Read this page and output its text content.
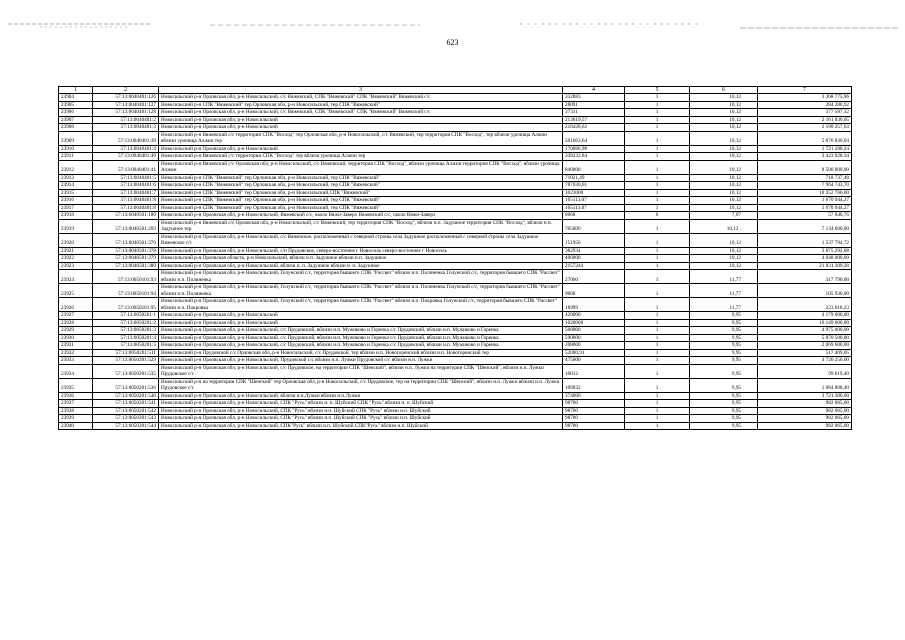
623
1	2	3	4	5	6	7
23904	57:13:0040401:126	Новосильский р-н Орловская обл, р-н Новосильский, с/с Вяжевский, СПК "Вяжевский" СПК "Вяжевский" Вяжевский с/с	332883	1	10,12	3 368 775,96
23905	57:13:0040401:127	Новосильский р-н СПК "Вяжевский" тер Орловская обл, р-н Новосильский, тер СПК "Вяжевский"	28091	1	10,12	284 280,92
23906	57:13:0040401:128	Новосильский р-н Орловская обл, р-н Новосильский, с/с Вяжевский, СПК "Вяжевский" СПК "Вяжевский" Вяжевский с/с	37311	1	10,12	377 587,32
23907	57:13:0040401:2	Новосильский р-н Орловская обл, р-н Новосильский	213619,57	1	10,12	2 161 830,05
23908	57:13:0040401:3	Новосильский р-н Орловская обл, р-н Новосильский	216428,62	1	10,12	2 190 257,63
23909	57:13:0040401:39	Новосильский р-н Вяжевский с/с территории СПК "Восход" тер Орловская обл, р-н Новосильский, с/с Вяжевский, тер территория СПК "Восход", тер вблизи урочища Алжин вблизи урочища Алжин тер	501663,64	1	10,12	5 076 836,04
23910	57:13:0040401:4	Новосильский р-н Орловская обл, р-н Новосильский	170086,98	1	10,12	1 721 280,24
23911	57:13:0040401:40	Новосильский р-н Вяжевский с/с территории СПК "Восход" тер вблизи урочища Алжин тер	338332,84	1	10,12	3 423 928,34
23912	57:13:0040401:41	Новосильский р-н Вяжевский с/с Орловская обл, р-н Новосильский, с/с Вяжевский, территория СПК "Восход", вблизи урочища Алжин территория СПК "Восход", вблизи урочища Алжин	840000	1	10,12	8 500 800,00
23913	57:13:0040401:5	Новосильский р-н СПК "Вяжевский" тер Орловская обл, р-н Новосильский, тер СПК "Вяжевский"	71021,49	1	10,12	718 737,48
23914	57:13:0040401:6	Новосильский р-н СПК "Вяжевский" тер Орловская обл, р-н Новосильский, тер СПК "Вяжевский"	787030,01	1	10,12	7 964 743,70
23915	57:13:0040401:7	Новосильский р-н СПК "Вяжевский" тер Орловская обл, р-н Новосильский,СПК "Вяжевский"	1023000	1	10,12	10 352 760,00
23916	57:13:0040401:8	Новосильский р-н СПК "Вяжевский" тер Орловская обл, р-н Новосильский, тер СПК "Вяжевский"	165113,07	1	10,12	1 670 944,27
23917	57:13:0040401:8	Новосильский р-н СПК "Вяжевский" тер Орловская обл, р-н Новосильский, тер СПК "Вяжевский"	165113,07	1	10,12	1 670 944,27
23918	57:13:0040501:180	Новосильский р-н Орловская обл, р-н Новосильский, Вяжевский с/с, около Вяжи-Заверх Вяжевский с/с, около Вяжи-Заверх	8068	6	7,07	57 040,76
23919	57:13:0040501:293	Новосильский р-н Вяжевский с/с Орловская обл, р-н Новосильский, с/с Вяжевский, тер территория СПК "Восход", вблизи н.п. Задушное территория СПК "Восход", вблизи н.п. Задушное тер	705000	1	10,12 .	7 134 600,00
23920	57:13:0040501:370	Новосильский р-н Орловская обл, р-н Новосильский, с/с Вяжевское, расположенный с северной строны села Задушное расположенный с северной строны села Задушное Вяжевское с/с	151956	1	10,12	1 537 794,72
23921	57:13:0040501:378	Новосильский р-н Орловская обл, р-н Новосильский, с/п Прудовское, северо-восточнее г Новосиль северо-восточнее г Новосиль	382934	1	10,12	3 875 292,08
23922	57:13:0040501:379	Новосильский р-н Орловская область, р-н Новосильский, вблизи н.п. Задушное вблизи н.п. Задушное	400000	1	10,12	4 048 000,00
23923	57:13:0040501:380	Новосильский р-н Орловская обл, р-н Новосильский, вблизи н. п. Задушное вблизи н. п. Задушное	2157244	1	10,12	21 831 309,28
23924	57:13:0050101:93	Новосильский р-н Орловская обл, р-н Новосильский, Голунский с/с, территория бывшего СПК "Рассвет" вблизи н.п. Полиненка Голунский с/с, территория бывшего СПК "Рассвет" вблизи н.п. Полиненка	27000	1	11,77	317 790,00
23925	57:13:0050101:94	Новосильский р-н Орловская обл, р-н Новосильский, Голунский с/с, территория бывшего СПК "Рассвет" вблизи н.п. Полиненка Голунский с/с, территория бывшего СПК "Рассвет" вблизи н.п. Полиненка	9000	1	11,77	105 930,00
23926	57:13:0050101:95	Новосильский р-н Орловская обл, р-н Новосильский, Голунский с/с, территория бывшего СПК "Рассвет" вблизи н.п. Покровка Голунский с/с, территория бывшего СПК "Рассвет" вблизи н.п. Покровка	18999	1	11,77	223 618,23
23927	57:13:0050201:1	Новосильский р-н Орловская обл, р-н Новосильский	420000	1	9,95	4 179 000,00
23928	57:13:0050201:2	Новосильский р-н Орловская обл, р-н Новосильский	1020000	1	9,95	10 149 000,00
23929	57:13:0050201:3	Новосильский р-н Орловская обл, р-н Новосильский, с/с Прудовский, вблизи н.п. Мужиково и Горенка с/с Прудовский, вблизи н.п. Мужиково и Горенка	500000	1	9,95	4 975 000,00
23930	57:13:0050201:4	Новосильский р-н Орловская обл, р-н Новосильский, с/с Прудовский, вблизи н.п. Мужиково и Горенка с/с Прудовский, вблизи н.п. Мужиково и Горенка	590000	1	9,95	5 870 500,00
23931	57:13:0050201:5	Новосильский р-н Орловская обл, р-н Новосильский, с/с Прудовский, вблизи н.п. Мужиково и Горенка с/с Прудовский, вблизи н.п. Мужиково и Горенка	208000	1	9,95	2 069 600,00
23932	57:13:0050201:511	Новосильский р-н Прудовской с/с Орловская обл, р-н Новосильский, с/с Прудовской, тер вблизи н.п. Новогоренский вблизи н.п. Новогоренский тер	52000,91	1	9,95	517 409,05
23933	57:13:0050201:529	Новосильский р-н Орловская обл, р-н Новосильский, Прудовской с/с вблизи н.п. Лужки Прудовской с/с вблизи н.п. Лужки	475000	1	9,95	4 726 250,00
23934	57:13:0050201:535	Новосильский р-н Орловская обл, р-н Новосильский, с/с Прудовское, на территории СПК "Шенский", вблизи н.п. Лужки на территории СПК "Шенский", вблизи н.п. Лужки Прудовское с/с	10012	1	9,95	99 619,40
23935	57:13:0050201:536	Новосильский р-н на территории СПК "Шенский" тер Орловская обл, р-н Новосильский, с/с Прудовское, тер на территории СПК "Шенский", вблизи н.п. Лужки вблизи н.п. Лужки Прудовское с/с	109032	1	9,95	1 084 868,40
23936	57:13:0050201:540	Новосильский р-н Орловская обл, р-н Новосильский, вблизи н.п.Лужки вблизи н.п.Лужки	374000	1	9,95	3 721 300,00
23937	57:13:0050201:541	Новосильский р-н Орловская обл, р-н Новосильский, СПК "Русь" вблизи н. п. Шуйский СПК "Русь" вблизи н. п. Шуйский	98700	1	9,95	982 065,00
23938	57:13:0050201:542	Новосильский р-н Орловская обл, р-н Новосильский, СПК "Русь" вблизи н.п. Шуйский СПК "Русь" вблизи н.п. Шуйский	98700	1	9,95	982 065,00
23939	57:13:0050201:543	Новосильский р-н Орловская обл, р-н Новосильский, СПК "Русь" вблизи н.п. Шуйский СПК "Русь" вблизи н.п. Шуйский	98700	1	9,95	982 065,00
23940	57:13:0050201:544	Новосильский р-н Орловская обл, р-н Новосильский, СПК"Русь" вблизи н.п. Шуйский СПК"Русь" вблизи н.п. Шуйский	98700	1	9,95	982 065,00
